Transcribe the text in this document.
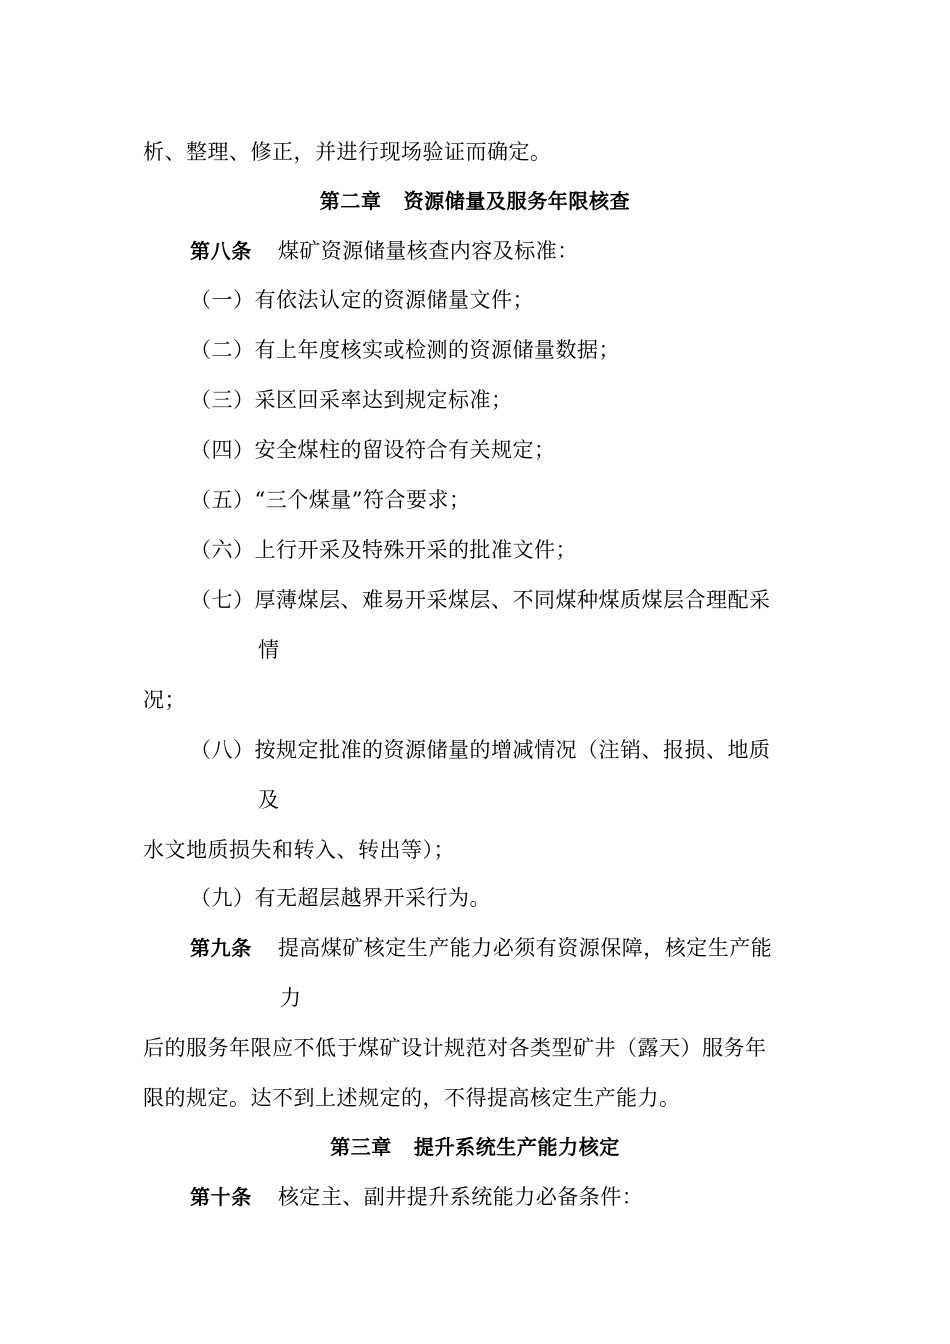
析、整理、修正，并进行现场验证而确定。
第二章 资源储量及服务年限核查
第八条 煤矿资源储量核查内容及标准：
（一）有依法认定的资源储量文件；
（二）有上年度核实或检测的资源储量数据；
（三）采区回采率达到规定标准；
（四）安全煤柱的留设符合有关规定；
（五）“三个煤量”符合要求；
（六）上行开采及特殊开采的批准文件；
（七）厚薄煤层、难易开采煤层、不同煤种煤质煤层合理配采
情
况；
（八）按规定批准的资源储量的增减情况（注销、报损、地质
及
水文地质损失和转入、转出等）；
（九）有无超层越界开采行为。
第九条 提高煤矿核定生产能力必须有资源保障，核定生产能
力
后的服务年限应不低于煤矿设计规范对各类型矿井（露天）服务年
限的规定。达不到上述规定的，不得提高核定生产能力。
第三章 提升系统生产能力核定
第十条 核定主、副井提升系统能力必备条件：
